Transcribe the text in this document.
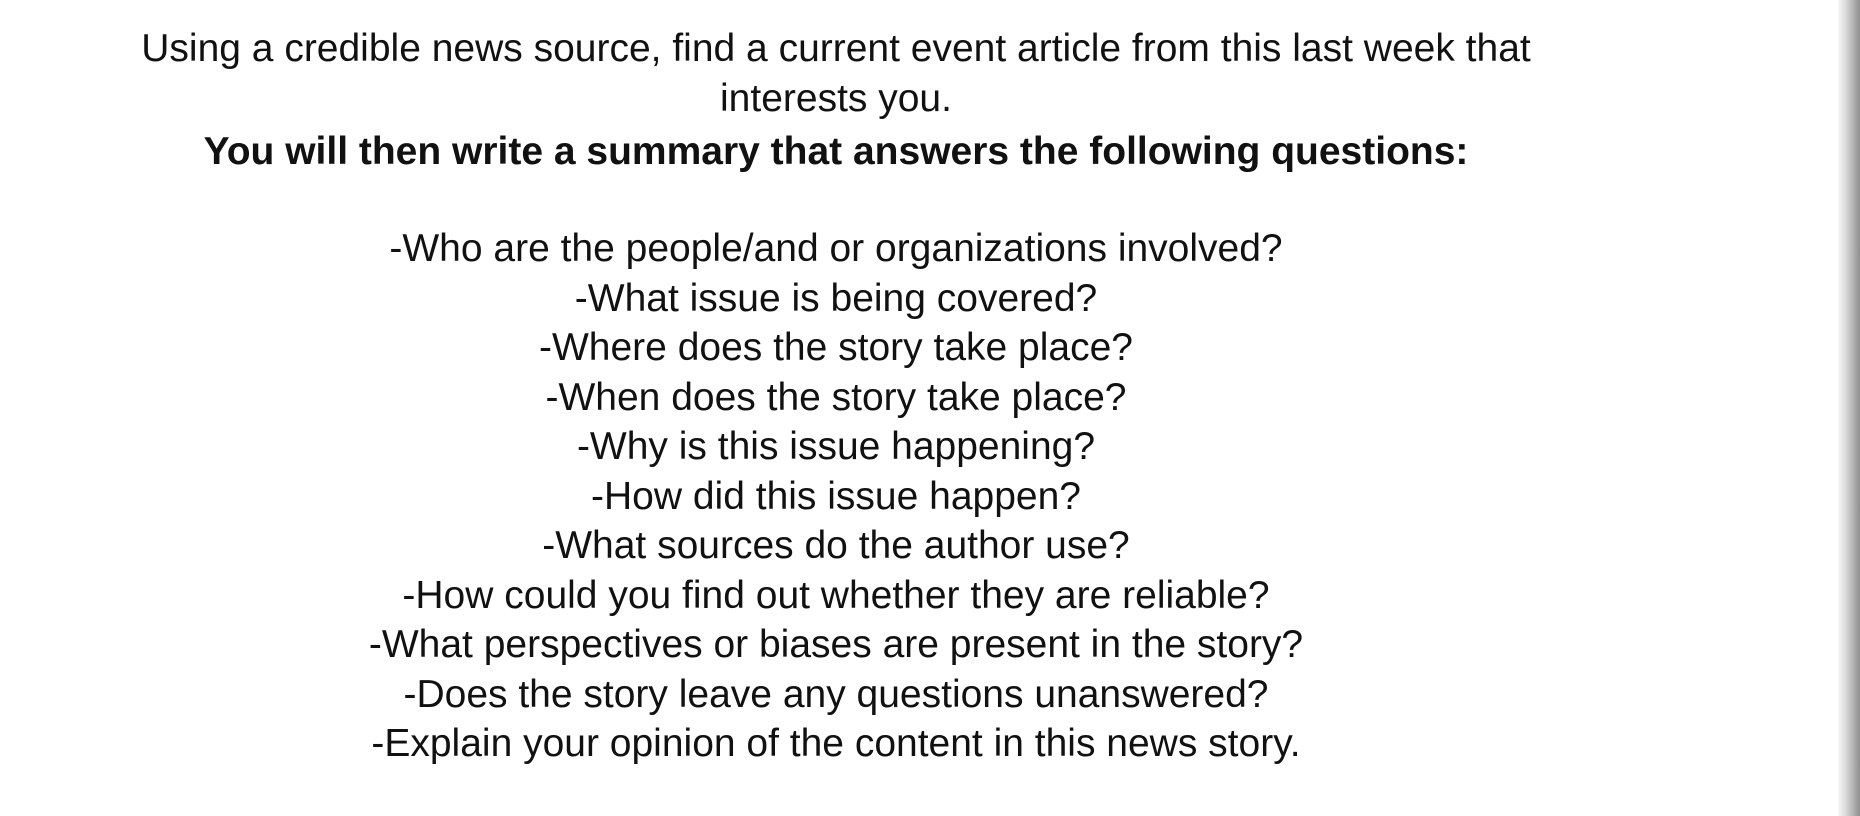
Using a credible news source, find a current event article from this last week that
interests you.

You will then write a summary that answers the following questions:

-Who are the people/and or organizations involved?
-What issue is being covered?
-Where does the story take place?
-When does the story take place?
-Why is this issue happening?
-How did this issue happen?
-What sources do the author use?
-How could you find out whether they are reliable?
-What perspectives or biases are present in the story?
-Does the story leave any questions unanswered?
-Explain your opinion of the content in this news story.
